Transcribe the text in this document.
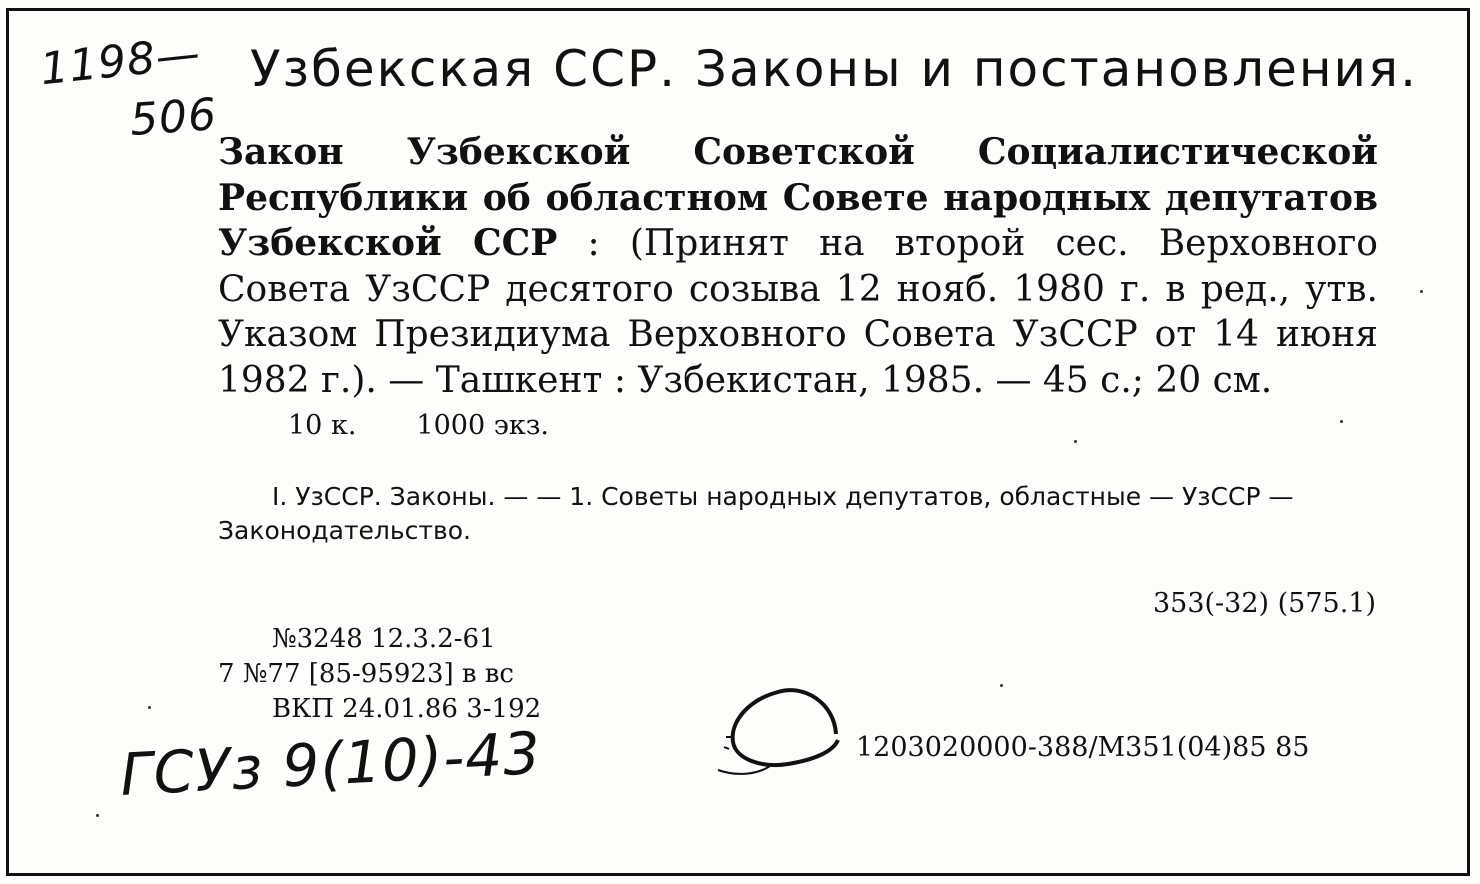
1198—
506
Узбекская ССР. Законы и постановления.
Закон Узбекской Советской Социалистической Республики об областном Совете народных депутатов Узбекской ССР : (Принят на второй сес. Верховного Совета УзССР десятого созыва 12 нояб. 1980 г. в ред., утв. Указом Президиума Верховного Совета УзССР от 14 июня 1982 г.). — Ташкент : Узбекистан, 1985. — 45 с.; 20 см.
10 к. 1000 экз.
I. УзССР. Законы. — — 1. Советы народных депутатов, областные — УзССР — Законодательство.
353(-32) (575.1)
№3248 12.3.2-61
7 №77 [85-95923] в вс
ВКП 24.01.86 3-192
1203020000-388/М351(04)85 85
ГСУз 9(10)-43
